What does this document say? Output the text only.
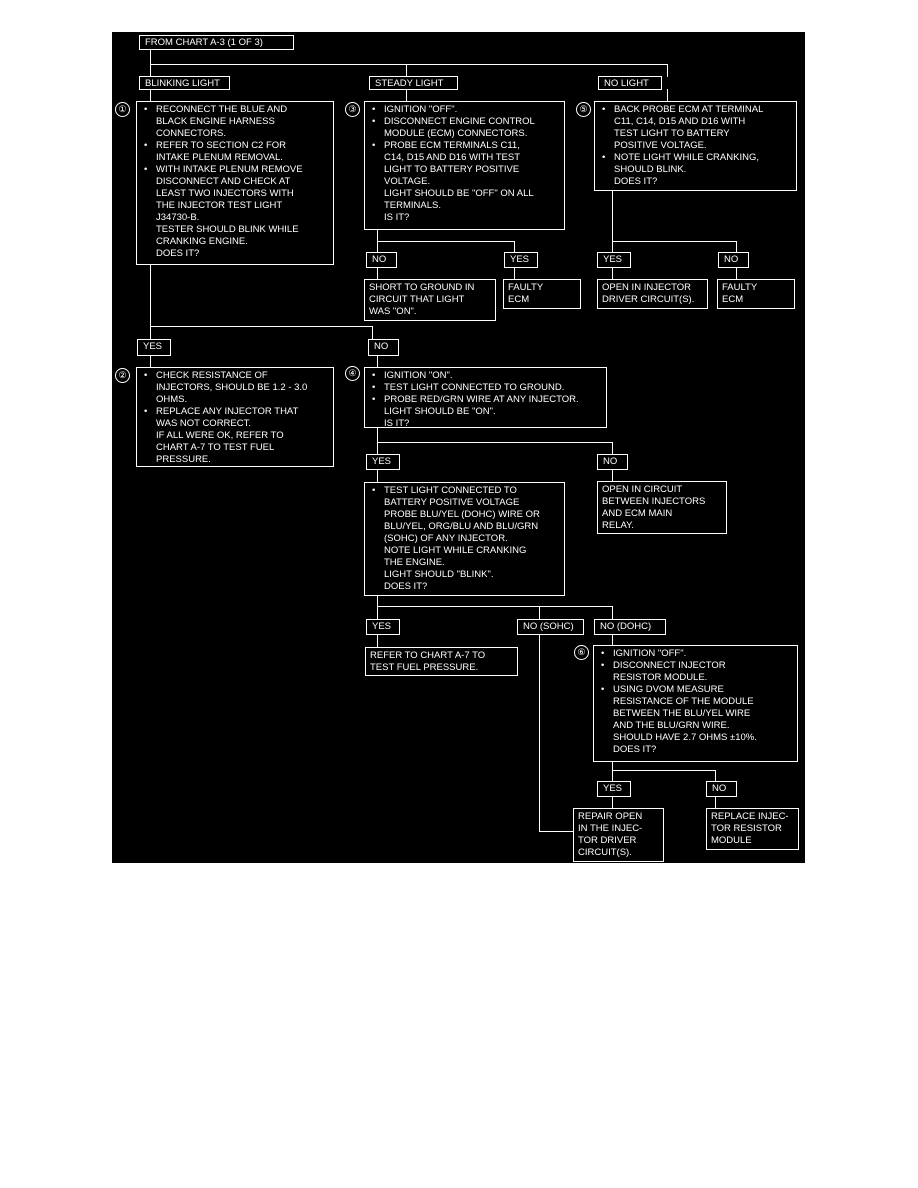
FROM CHART A-3 (1 OF 3)
BLINKING LIGHT	STEADY LIGHT	NO LIGHT
①
②
③
④
⑤
⑥
• RECONNECT THE BLUE AND
BLACK ENGINE HARNESS
CONNECTORS.
• REFER TO SECTION C2 FOR
INTAKE PLENUM REMOVAL.
• WITH INTAKE PLENUM REMOVE
DISCONNECT AND CHECK AT
LEAST TWO INJECTORS WITH
THE INJECTOR TEST LIGHT
J34730-B.
TESTER SHOULD BLINK WHILE
CRANKING ENGINE.
DOES IT?
• IGNITION "OFF".
• DISCONNECT ENGINE CONTROL
MODULE (ECM) CONNECTORS.
• PROBE ECM TERMINALS C11,
C14, D15 AND D16 WITH TEST
LIGHT TO BATTERY POSITIVE
VOLTAGE.
LIGHT SHOULD BE "OFF" ON ALL
TERMINALS.
IS IT?
• BACK PROBE ECM AT TERMINAL
C11, C14, D15 AND D16 WITH
TEST LIGHT TO BATTERY
POSITIVE VOLTAGE.
• NOTE LIGHT WHILE CRANKING,
SHOULD BLINK.
DOES IT?
NO	YES
SHORT TO GROUND IN
CIRCUIT THAT LIGHT
WAS "ON".
FAULTY
ECM
YES	NO
OPEN IN INJECTOR
DRIVER CIRCUIT(S).
FAULTY
ECM
YES	NO
• CHECK RESISTANCE OF
INJECTORS, SHOULD BE 1.2 - 3.0
OHMS.
• REPLACE ANY INJECTOR THAT
WAS NOT CORRECT.
IF ALL WERE OK, REFER TO
CHART A-7 TO TEST FUEL
PRESSURE.
• IGNITION "ON".
• TEST LIGHT CONNECTED TO GROUND.
• PROBE RED/GRN WIRE AT ANY INJECTOR.
LIGHT SHOULD BE "ON".
IS IT?
YES	NO
OPEN IN CIRCUIT
BETWEEN INJECTORS
AND ECM MAIN
RELAY.
• TEST LIGHT CONNECTED TO
BATTERY POSITIVE VOLTAGE
PROBE BLU/YEL (DOHC) WIRE OR
BLU/YEL, ORG/BLU AND BLU/GRN
(SOHC) OF ANY INJECTOR.
NOTE LIGHT WHILE CRANKING
THE ENGINE.
LIGHT SHOULD "BLINK".
DOES IT?
YES	NO (SOHC)	NO (DOHC)
REFER TO CHART A-7 TO
TEST FUEL PRESSURE.
• IGNITION "OFF".
• DISCONNECT INJECTOR
RESISTOR MODULE.
• USING DVOM MEASURE
RESISTANCE OF THE MODULE
BETWEEN THE BLU/YEL WIRE
AND THE BLU/GRN WIRE.
SHOULD HAVE 2.7 OHMS ±10%.
DOES IT?
YES	NO
REPAIR OPEN
IN THE INJEC-
TOR DRIVER
CIRCUIT(S).
REPLACE INJEC-
TOR RESISTOR
MODULE
